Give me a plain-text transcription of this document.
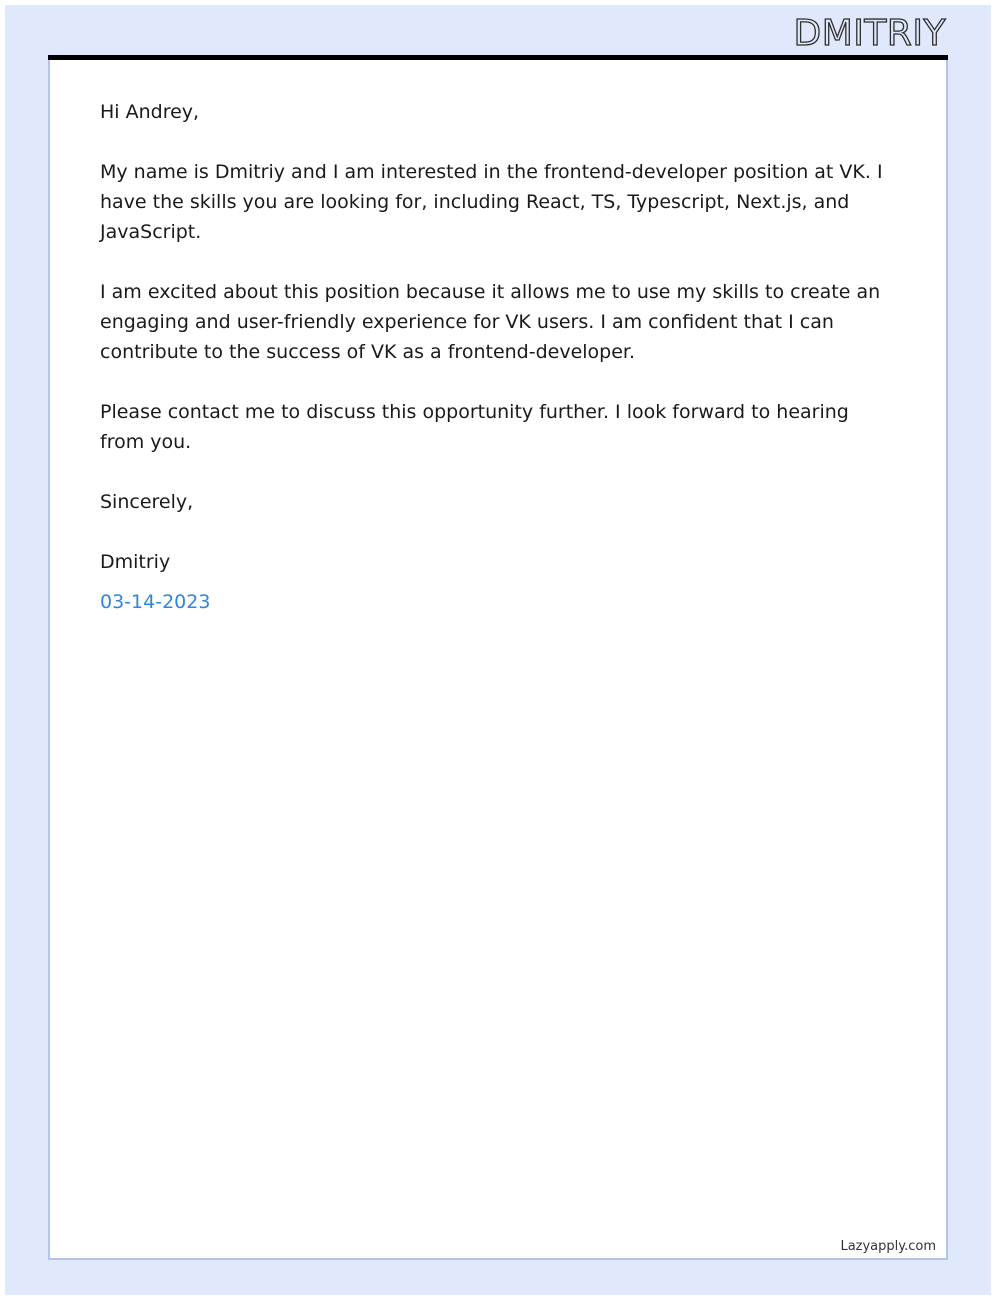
DMITRIY

Hi Andrey,

My name is Dmitriy and I am interested in the frontend-developer position at VK. I have the skills you are looking for, including React, TS, Typescript, Next.js, and JavaScript.

I am excited about this position because it allows me to use my skills to create an engaging and user-friendly experience for VK users. I am confident that I can contribute to the success of VK as a frontend-developer.

Please contact me to discuss this opportunity further. I look forward to hearing from you.

Sincerely,

Dmitriy

03-14-2023

Lazyapply.com
